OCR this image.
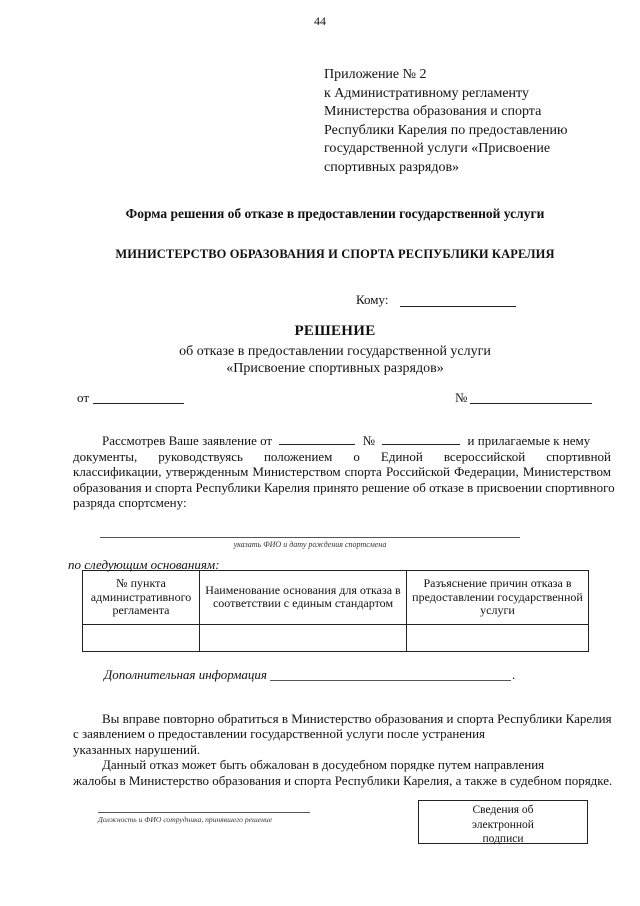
44
Приложение № 2
к Административному регламенту
Министерства образования и спорта
Республики Карелия по предоставлению
государственной услуги «Присвоение
спортивных разрядов»
Форма решения об отказе в предоставлении государственной услуги
МИНИСТЕРСТВО ОБРАЗОВАНИЯ И СПОРТА РЕСПУБЛИКИ КАРЕЛИЯ
Кому:
РЕШЕНИЕ
об отказе в предоставлении государственной услуги
«Присвоение спортивных разрядов»
от	№
Рассмотрев Ваше заявление от	№	и прилагаемые к нему
документы, руководствуясь положением о Единой всероссийской спортивной
классификации, утвержденным Министерством спорта Российской Федерации, Министерством
образования и спорта Республики Карелия принято решение об отказе в присвоении спортивного
разряда спортсмену:
указать ФИО и дату рождения спортсмена
по следующим основаниям:
№ пункта административного регламента	Наименование основания для отказа в соответствии с единым стандартом	Разъяснение причин отказа в предоставлении государственной услуги

Дополнительная информация	.
Вы вправе повторно обратиться в Министерство образования и спорта Республики Карелия
с заявлением о предоставлении государственной услуги после устранения
указанных нарушений.
Данный отказ может быть обжалован в досудебном порядке путем направления
жалобы в Министерство образования и спорта Республики Карелия, а также в судебном порядке.
Должность и ФИО сотрудника, принявшего решение
Сведения об
электронной
подписи
